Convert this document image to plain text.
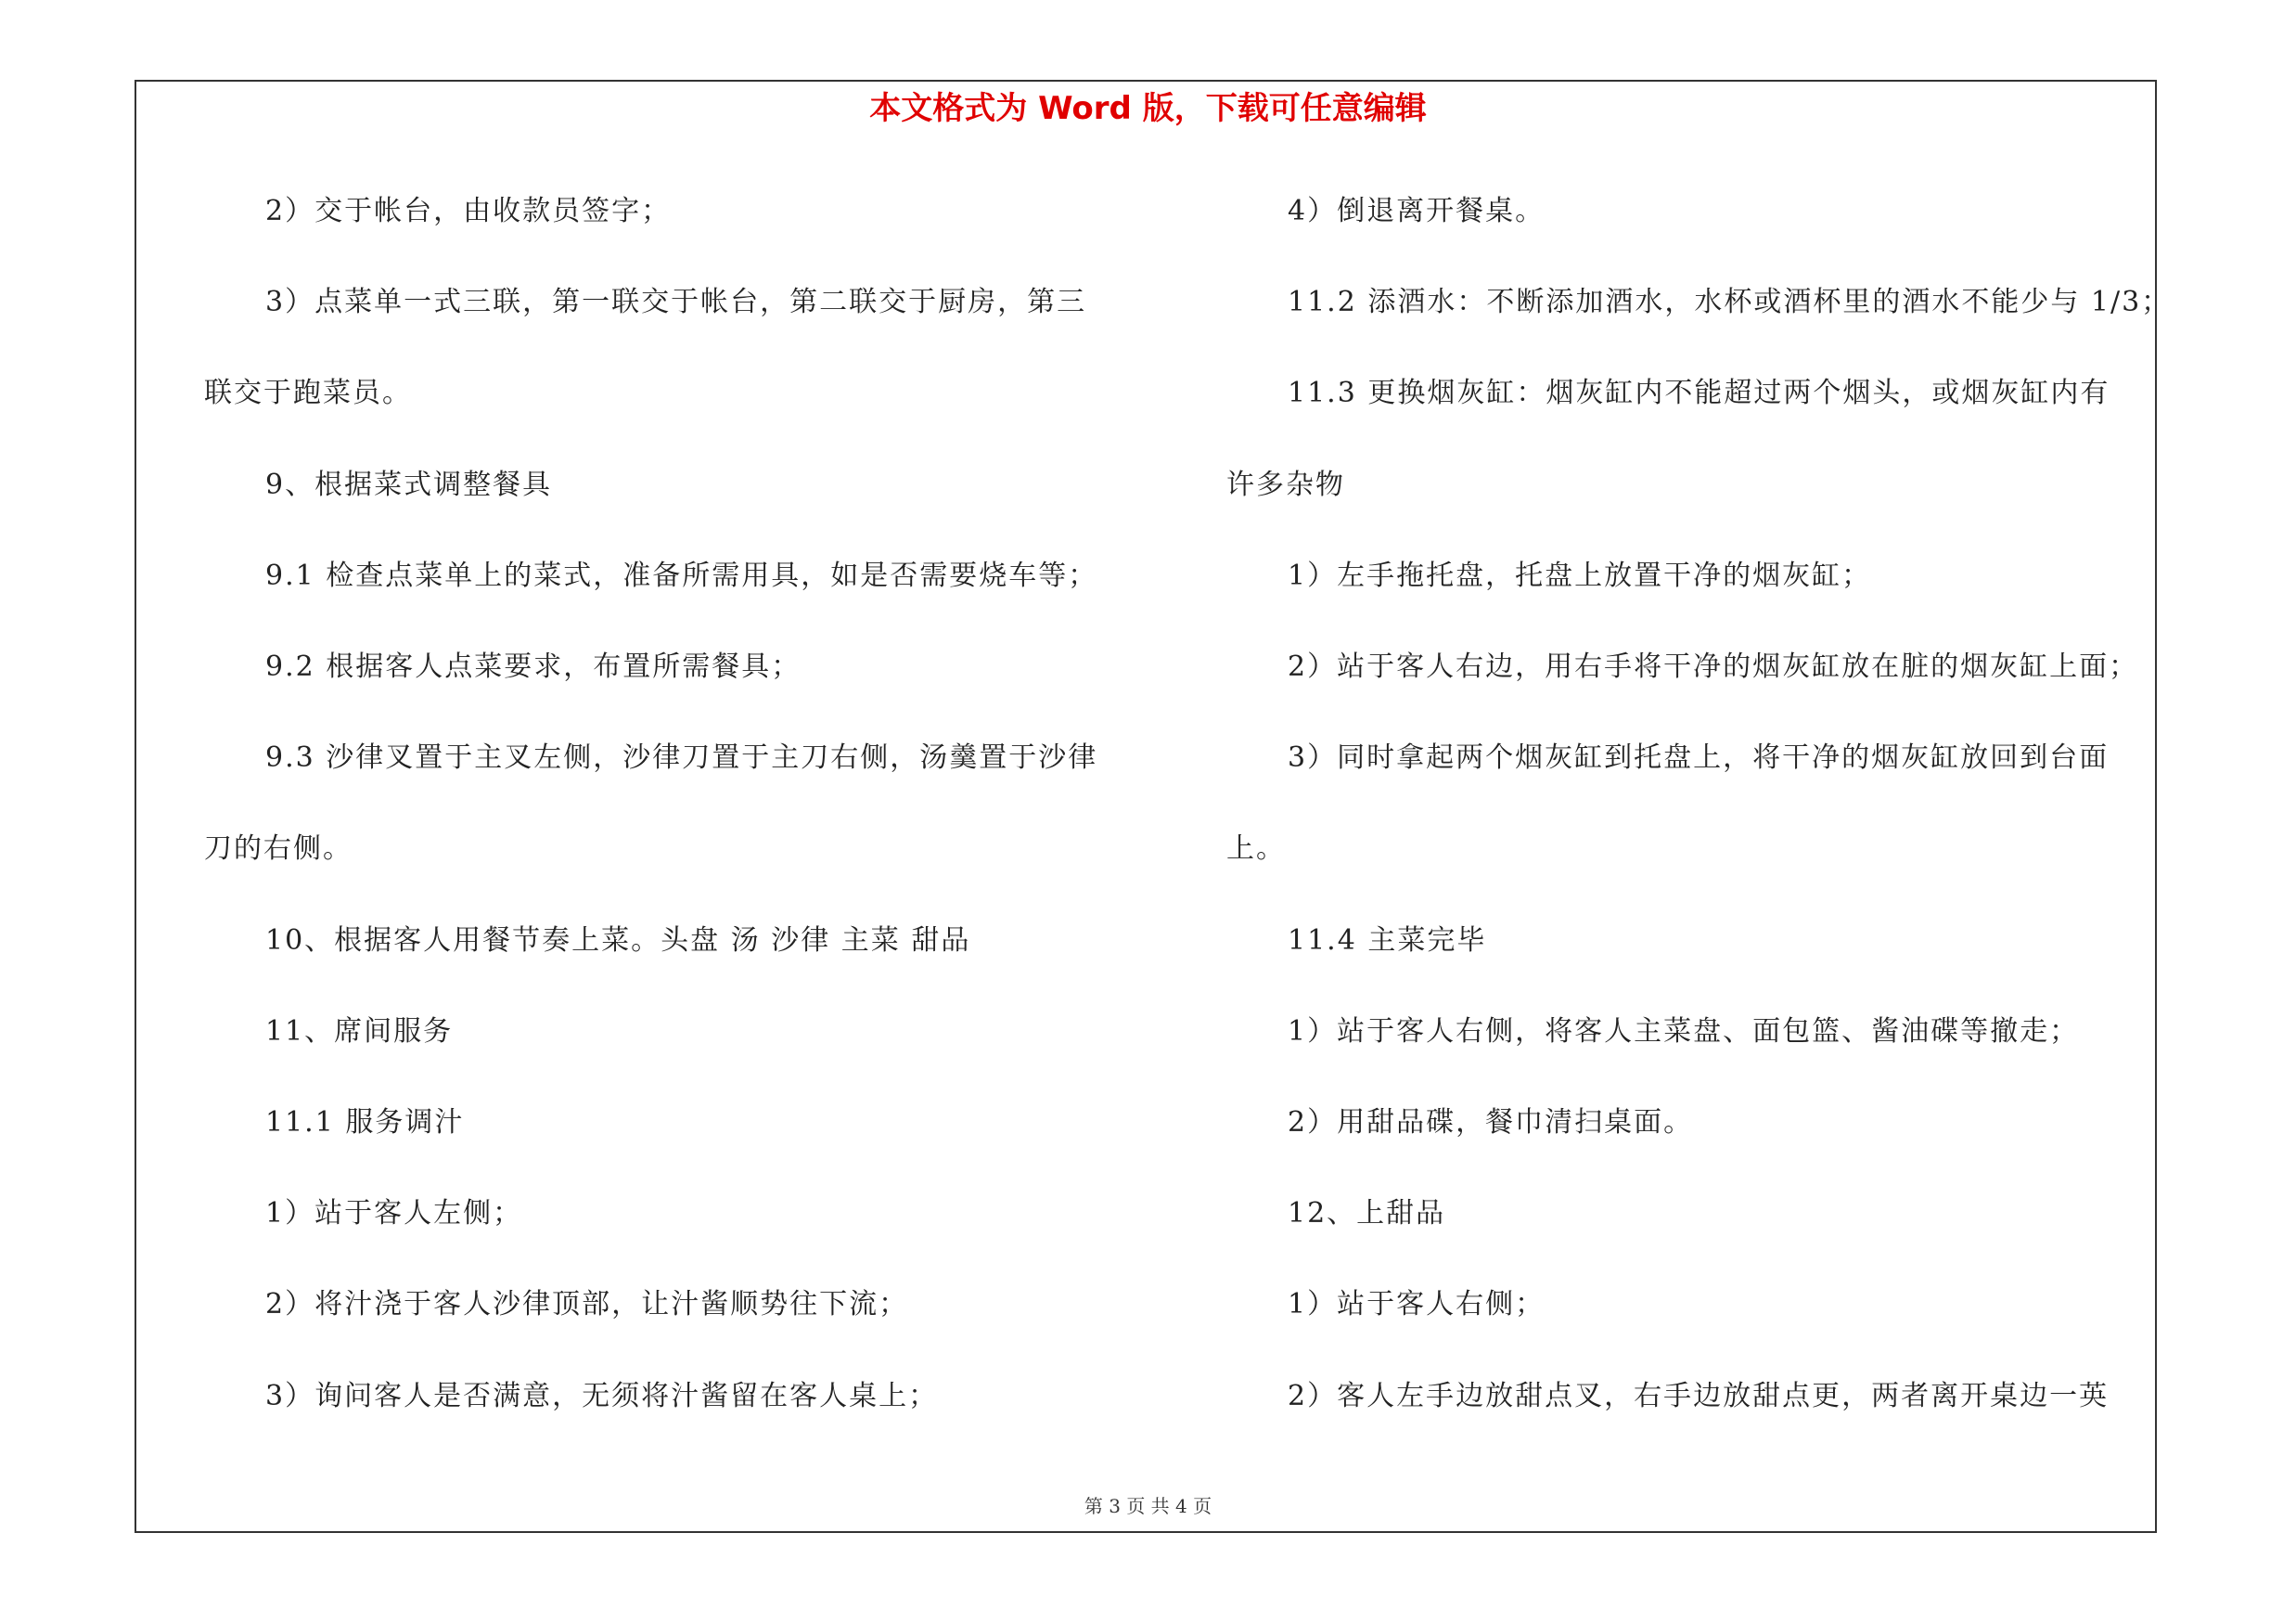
本文格式为 Word 版，下载可任意编辑
2）交于帐台，由收款员签字；
3）点菜单一式三联，第一联交于帐台，第二联交于厨房，第三
联交于跑菜员。
9、根据菜式调整餐具
9.1 检查点菜单上的菜式，准备所需用具，如是否需要烧车等；
9.2 根据客人点菜要求，布置所需餐具；
9.3 沙律叉置于主叉左侧，沙律刀置于主刀右侧，汤羹置于沙律
刀的右侧。
10、根据客人用餐节奏上菜。头盘 汤 沙律 主菜 甜品
11、席间服务
11.1 服务调汁
1）站于客人左侧；
2）将汁浇于客人沙律顶部，让汁酱顺势往下流；
3）询问客人是否满意，无须将汁酱留在客人桌上；
4）倒退离开餐桌。
11.2 添酒水：不断添加酒水，水杯或酒杯里的酒水不能少与 1/3；
11.3 更换烟灰缸：烟灰缸内不能超过两个烟头，或烟灰缸内有
许多杂物
1）左手拖托盘，托盘上放置干净的烟灰缸；
2）站于客人右边，用右手将干净的烟灰缸放在脏的烟灰缸上面；
3）同时拿起两个烟灰缸到托盘上，将干净的烟灰缸放回到台面
上。
11.4 主菜完毕
1）站于客人右侧，将客人主菜盘、面包篮、酱油碟等撤走；
2）用甜品碟，餐巾清扫桌面。
12、上甜品
1）站于客人右侧；
2）客人左手边放甜点叉，右手边放甜点更，两者离开桌边一英
第 3 页 共 4 页
